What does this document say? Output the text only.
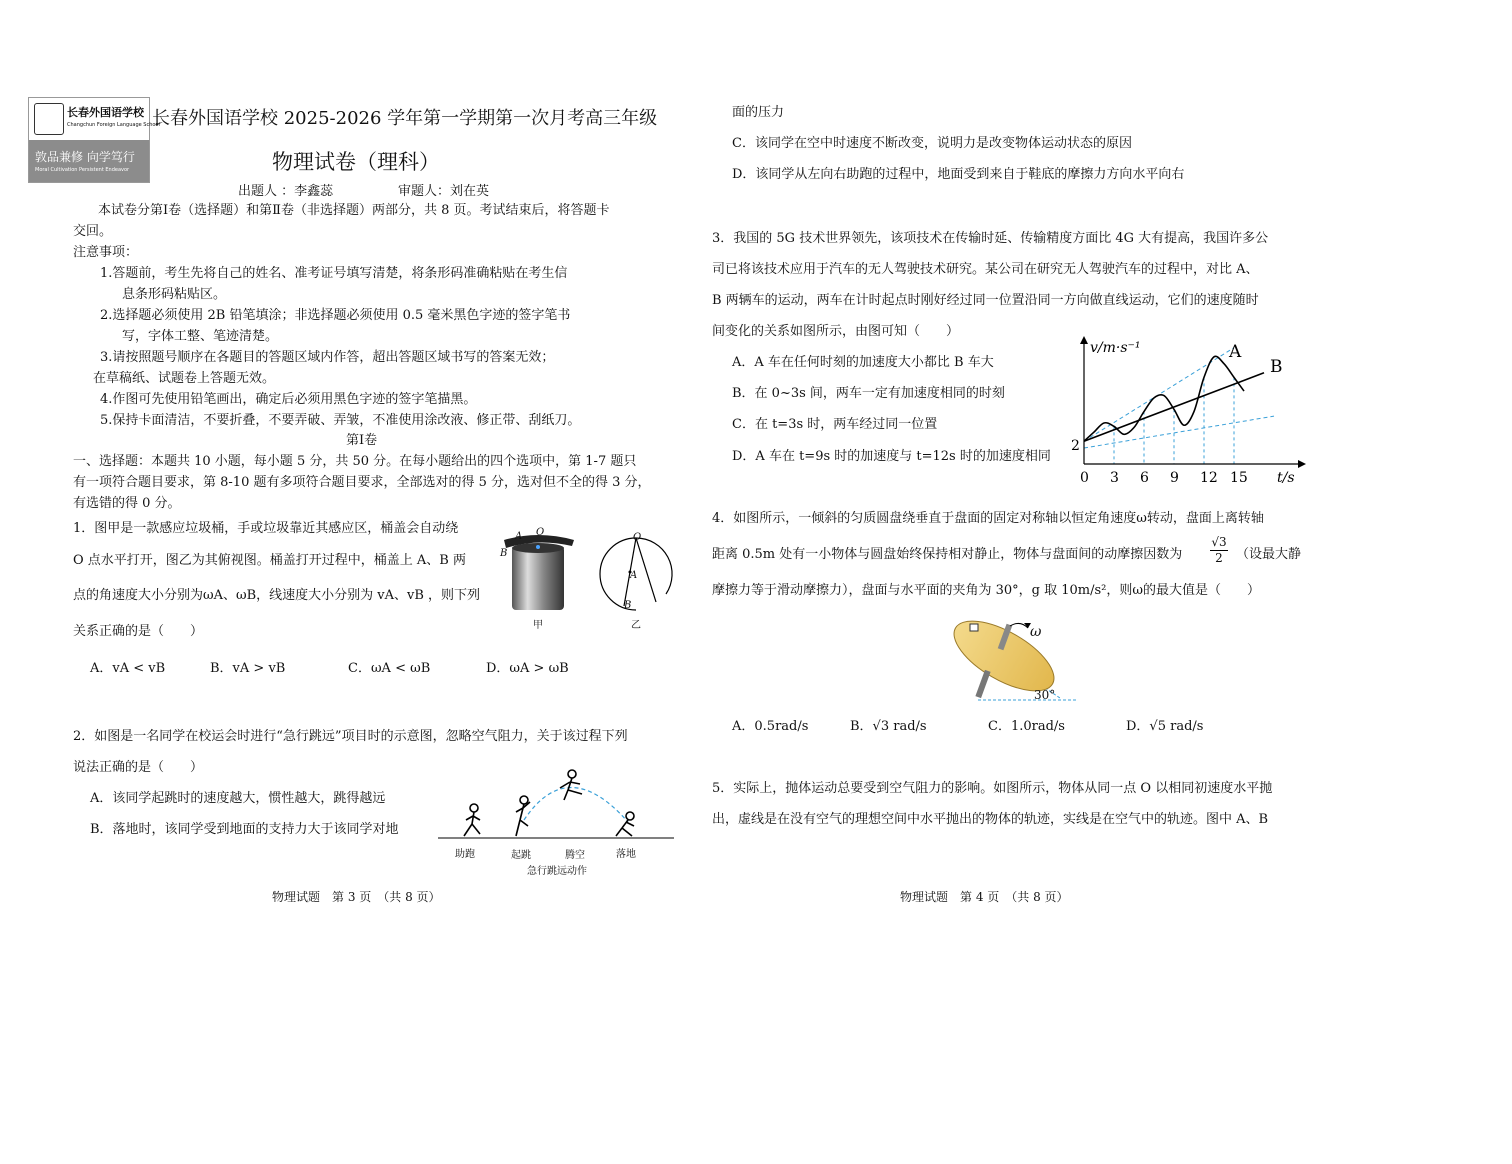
长春外国语学校
Changchun Foreign Language School
敦品兼修 向学笃行
Moral Cultivation Persistent Endeavor
长春外国语学校 2025-2026 学年第一学期第一次月考高三年级
物理试卷（理科）
出题人 ：李鑫蕊	审题人：刘在英
本试卷分第Ⅰ卷（选择题）和第Ⅱ卷（非选择题）两部分，共 8 页。考试结束后，将答题卡
交回。
注意事项：
1.答题前，考生先将自己的姓名、准考证号填写清楚，将条形码准确粘贴在考生信
息条形码粘贴区。
2.选择题必须使用 2B 铅笔填涂；非选择题必须使用 0.5 毫米黑色字迹的签字笔书
写，字体工整、笔迹清楚。
3.请按照题号顺序在各题目的答题区域内作答，超出答题区域书写的答案无效；
在草稿纸、试题卷上答题无效。
4.作图可先使用铅笔画出，确定后必须用黑色字迹的签字笔描黑。
5.保持卡面清洁，不要折叠，不要弄破、弄皱，不准使用涂改液、修正带、刮纸刀。
第Ⅰ卷
一、选择题：本题共 10 小题，每小题 5 分，共 50 分。在每小题给出的四个选项中，第 1-7 题只
有一项符合题目要求，第 8-10 题有多项符合题目要求，全部选对的得 5 分，选对但不全的得 3 分，
有选错的得 0 分。
1．图甲是一款感应垃圾桶，手或垃圾靠近其感应区，桶盖会自动绕
O 点水平打开，图乙为其俯视图。桶盖打开过程中，桶盖上 A、B 两
点的角速度大小分别为ωA、ωB，线速度大小分别为 vA、vB ，则下列
关系正确的是（　　）
A．vA < vB	B．vA > vB	C．ωA < ωB	D．ωA > ωB
A O
B
甲
O
A
B
乙
2．如图是一名同学在校运会时进行“急行跳远”项目时的示意图，忽略空气阻力，关于该过程下列
说法正确的是（　　）
A．该同学起跳时的速度越大，惯性越大，跳得越远
B．落地时，该同学受到地面的支持力大于该同学对地
助跑	起跳	腾空	落地
急行跳远动作
面的压力
C．该同学在空中时速度不断改变，说明力是改变物体运动状态的原因
D．该同学从左向右助跑的过程中，地面受到来自于鞋底的摩擦力方向水平向右
3．我国的 5G 技术世界领先，该项技术在传输时延、传输精度方面比 4G 大有提高，我国许多公
司已将该技术应用于汽车的无人驾驶技术研究。某公司在研究无人驾驶汽车的过程中，对比 A、
B 两辆车的运动，两车在计时起点时刚好经过同一位置沿同一方向做直线运动，它们的速度随时
间变化的关系如图所示，由图可知（　　）
A．A 车在任何时刻的加速度大小都比 B 车大
B．在 0~3s 间，两车一定有加速度相同的时刻
C．在 t=3s 时，两车经过同一位置
D．A 车在 t=9s 时的加速度与 t=12s 时的加速度相同
v/m·s⁻¹
t/s
2
0 3 6 9 12 15
A
B
4．如图所示，一倾斜的匀质圆盘绕垂直于盘面的固定对称轴以恒定角速度ω转动，盘面上离转轴
距离 0.5m 处有一小物体与圆盘始终保持相对静止，物体与盘面间的动摩擦因数为 $\frac{√3}{2}$ （设最大静
摩擦力等于滑动摩擦力），盘面与水平面的夹角为 30°，g 取 10m/s²，则ω的最大值是（　　）
ω
30°
A．0.5rad/s	B．√3 rad/s	C．1.0rad/s	D．√5 rad/s
5．实际上，抛体运动总要受到空气阻力的影响。如图所示，物体从同一点 O 以相同初速度水平抛
出，虚线是在没有空气的理想空间中水平抛出的物体的轨迹，实线是在空气中的轨迹。图中 A、B
物理试题　第 3 页　（共 8 页）	物理试题　第 4 页　（共 8 页）
